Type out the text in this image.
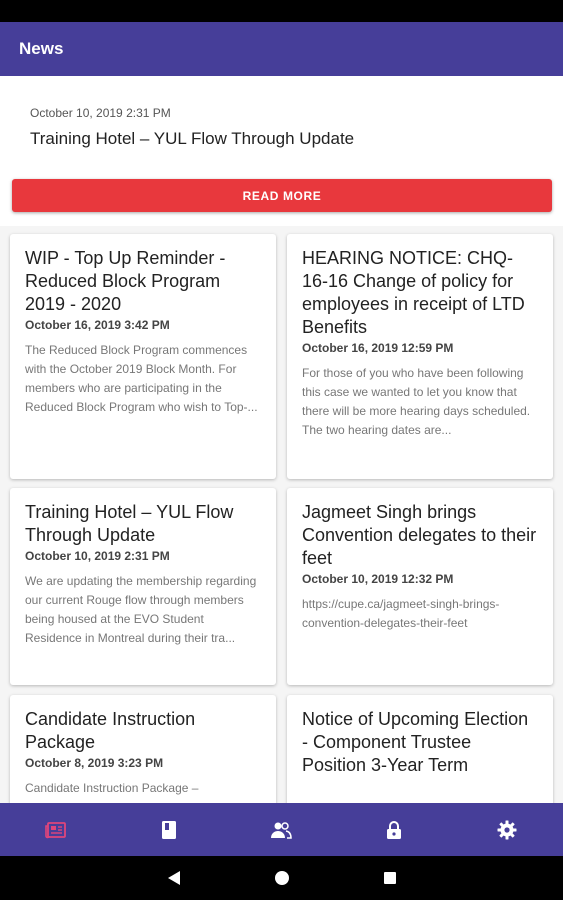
News
October 10, 2019 2:31 PM
Training Hotel – YUL Flow Through Update
READ MORE
WIP - Top Up Reminder - Reduced Block Program 2019 - 2020
October 16, 2019 3:42 PM
The Reduced Block Program commences with the October 2019 Block Month. For members who are participating in the Reduced Block Program who wish to Top-...
HEARING NOTICE: CHQ-16-16 Change of policy for employees in receipt of LTD Benefits
October 16, 2019 12:59 PM
For those of you who have been following this case we wanted to let you know that there will be more hearing days scheduled. The two hearing dates are...
Training Hotel – YUL Flow Through Update
October 10, 2019 2:31 PM
We are updating the membership regarding our current Rouge flow through members being housed at the EVO Student Residence in Montreal during their tra...
Jagmeet Singh brings Convention delegates to their feet
October 10, 2019 12:32 PM
https://cupe.ca/jagmeet-singh-brings-convention-delegates-their-feet
Candidate Instruction Package
October 8, 2019 3:23 PM
Candidate Instruction Package –
Notice of Upcoming Election - Component Trustee Position 3-Year Term
